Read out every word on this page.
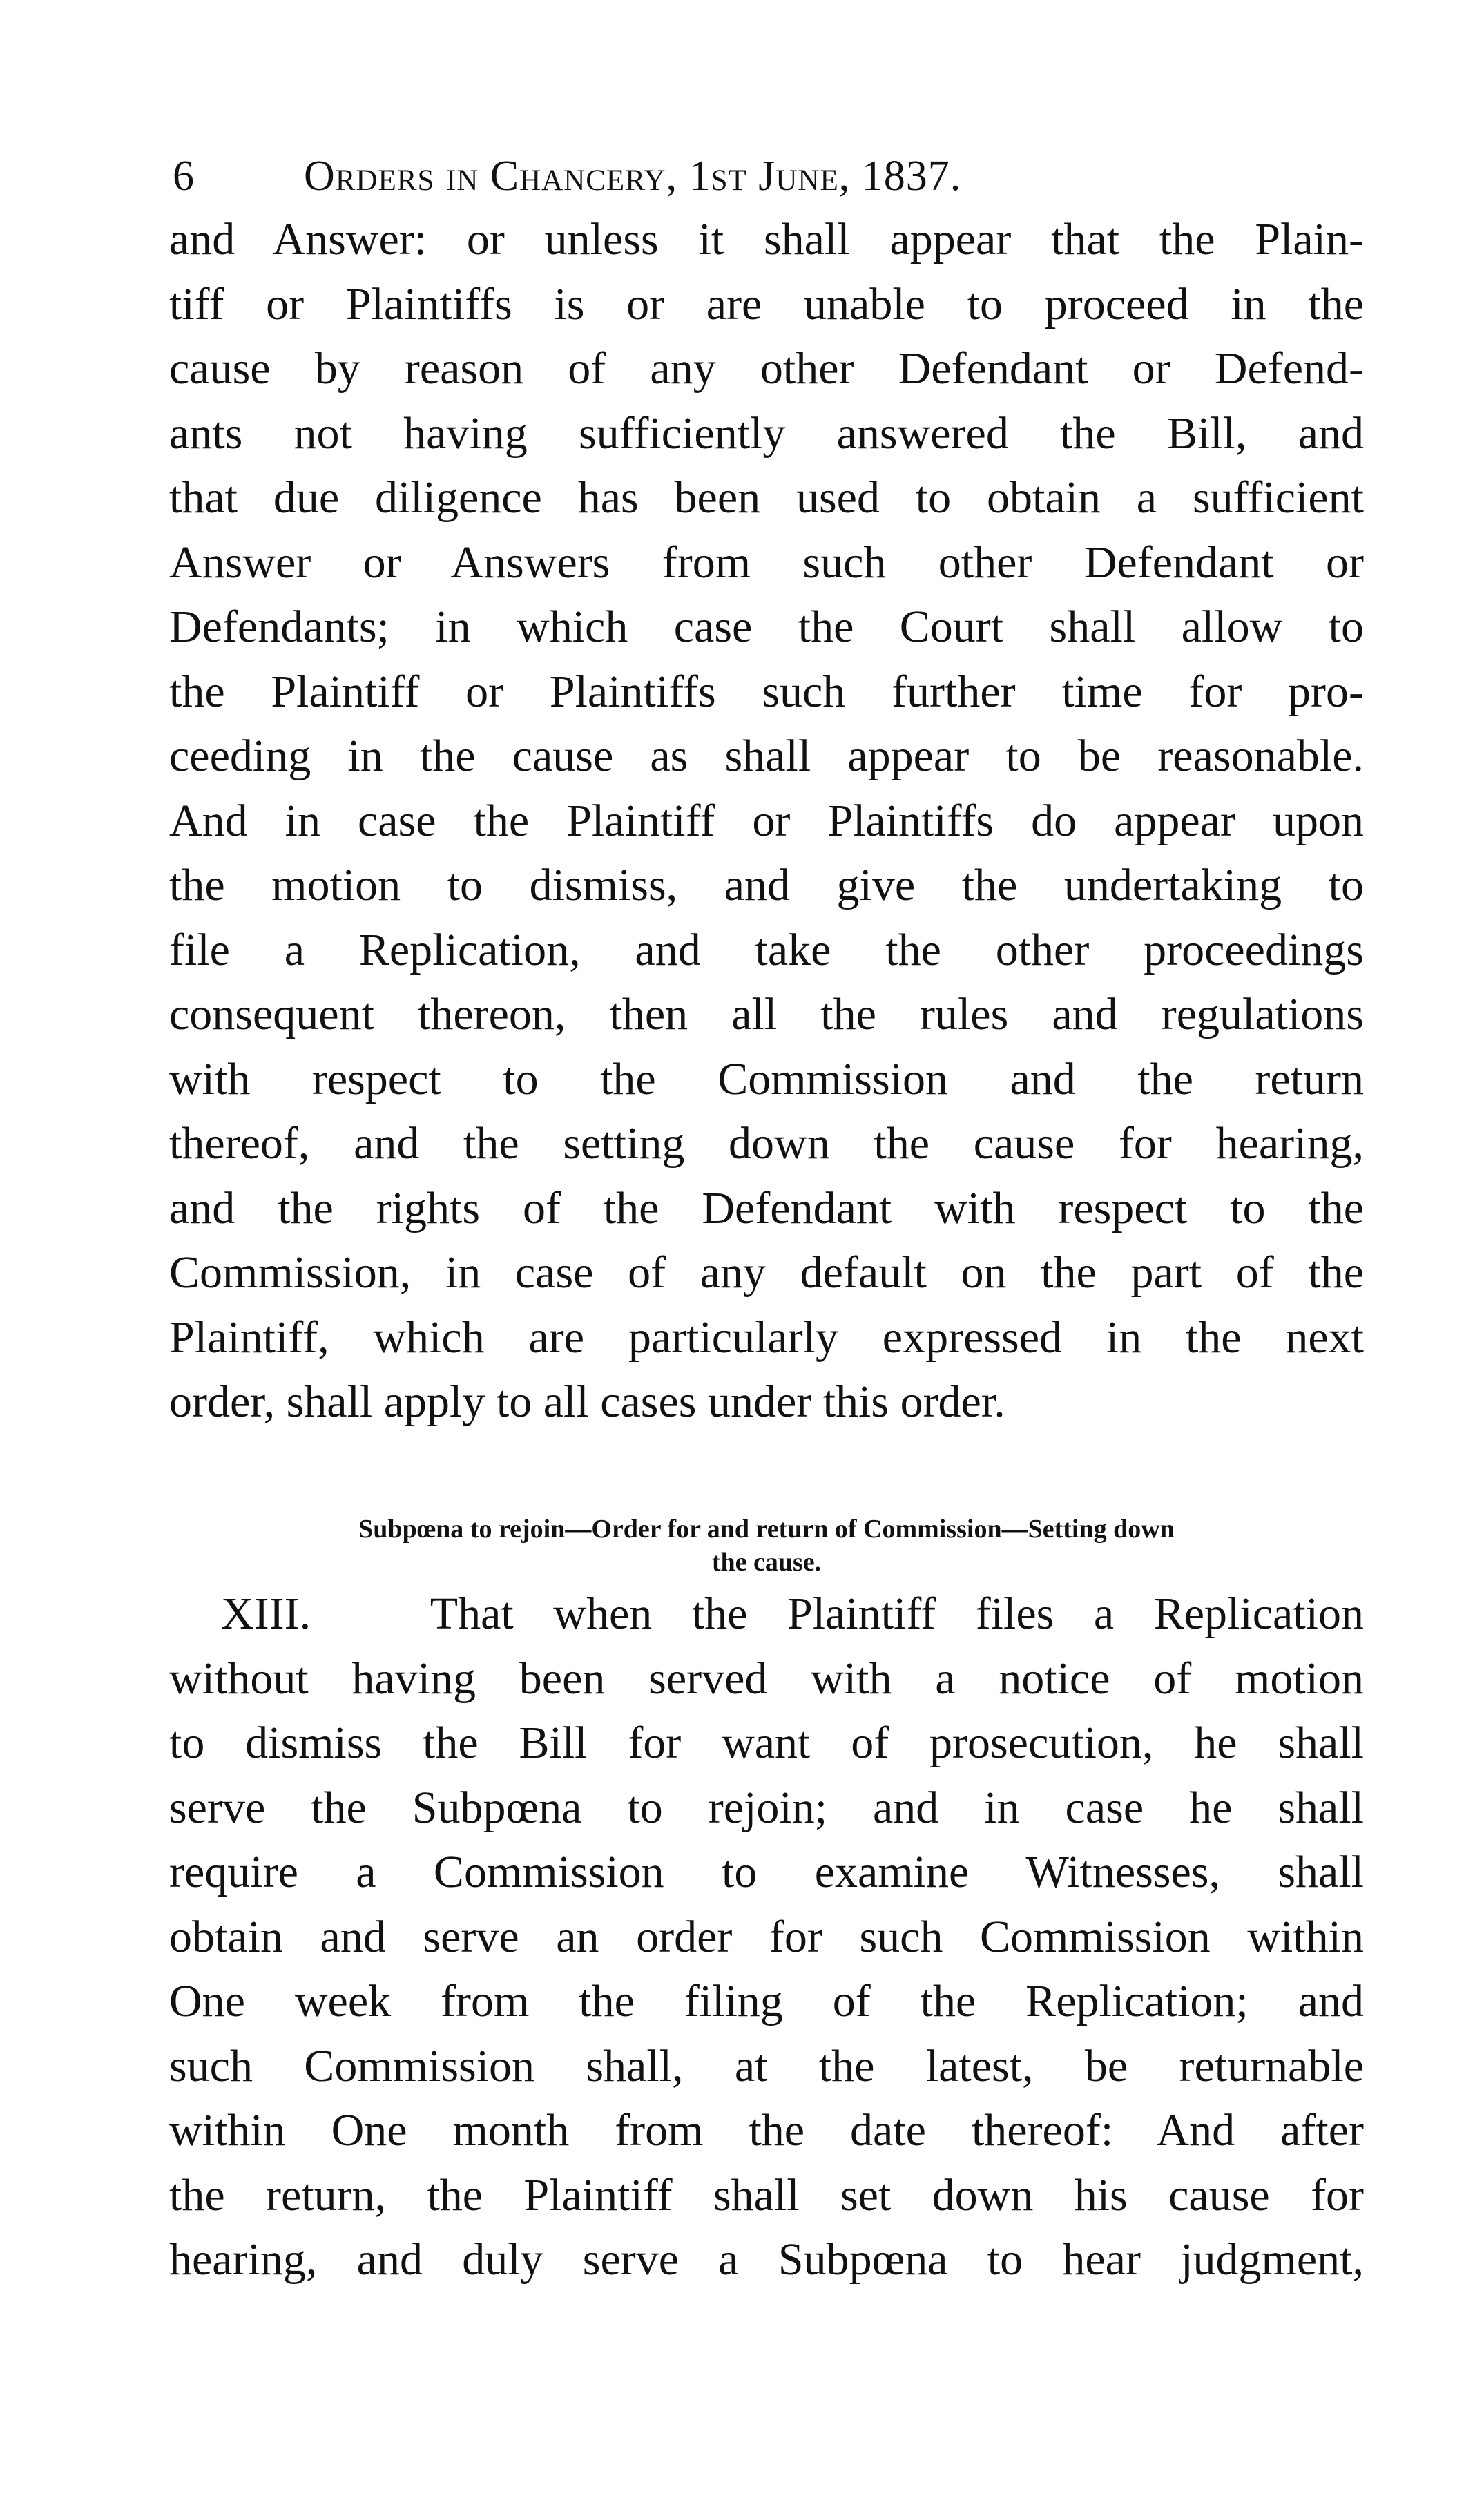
6	Orders in Chancery, 1st June, 1837.
and Answer: or unless it shall appear that the Plain-
tiff or Plaintiffs is or are unable to proceed in the
cause by reason of any other Defendant or Defend-
ants not having sufficiently answered the Bill, and
that due diligence has been used to obtain a sufficient
Answer or Answers from such other Defendant or
Defendants; in which case the Court shall allow to
the Plaintiff or Plaintiffs such further time for pro-
ceeding in the cause as shall appear to be reasonable.
And in case the Plaintiff or Plaintiffs do appear upon
the motion to dismiss, and give the undertaking to
file a Replication, and take the other proceedings
consequent thereon, then all the rules and regulations
with respect to the Commission and the return
thereof, and the setting down the cause for hearing,
and the rights of the Defendant with respect to the
Commission, in case of any default on the part of the
Plaintiff, which are particularly expressed in the next
order, shall apply to all cases under this order.
Subpœna to rejoin—Order for and return of Commission—Setting down
the cause.
XIII.	That when the Plaintiff files a Replication
without having been served with a notice of motion
to dismiss the Bill for want of prosecution, he shall
serve the Subpœna to rejoin; and in case he shall
require a Commission to examine Witnesses, shall
obtain and serve an order for such Commission within
One week from the filing of the Replication; and
such Commission shall, at the latest, be returnable
within One month from the date thereof: And after
the return, the Plaintiff shall set down his cause for
hearing, and duly serve a Subpœna to hear judgment,
